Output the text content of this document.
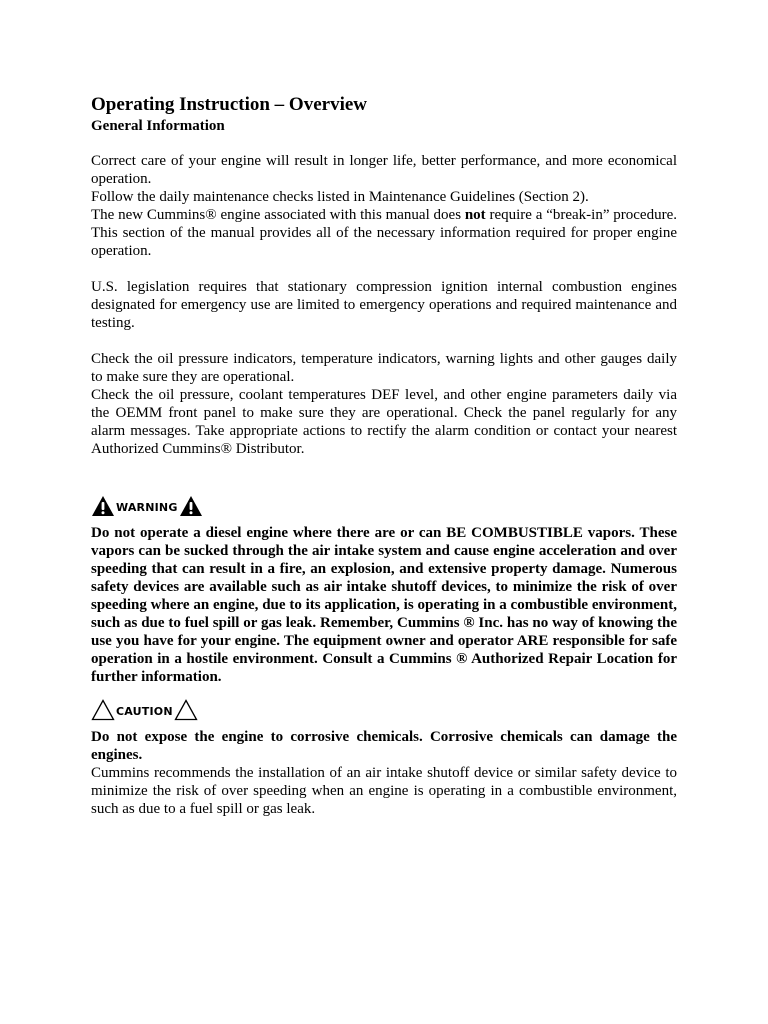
Operating Instruction – Overview
General Information

Correct care of your engine will result in longer life, better performance, and more economical operation.

Follow the daily maintenance checks listed in Maintenance Guidelines (Section 2).

The new Cummins® engine associated with this manual does not require a “break-in” procedure. This section of the manual provides all of the necessary information required for proper engine operation.

U.S. legislation requires that stationary compression ignition internal combustion engines designated for emergency use are limited to emergency operations and required maintenance and testing.

Check the oil pressure indicators, temperature indicators, warning lights and other gauges daily to make sure they are operational.

Check the oil pressure, coolant temperatures DEF level, and other engine parameters daily via the OEMM front panel to make sure they are operational. Check the panel regularly for any alarm messages. Take appropriate actions to rectify the alarm condition or contact your nearest Authorized Cummins® Distributor.

WARNING

Do not operate a diesel engine where there are or can BE COMBUSTIBLE vapors. These vapors can be sucked through the air intake system and cause engine acceleration and over speeding that can result in a fire, an explosion, and extensive property damage. Numerous safety devices are available such as air intake shutoff devices, to minimize the risk of over speeding where an engine, due to its application, is operating in a combustible environment, such as due to fuel spill or gas leak. Remember, Cummins ® Inc. has no way of knowing the use you have for your engine. The equipment owner and operator ARE responsible for safe operation in a hostile environment. Consult a Cummins ® Authorized Repair Location for further information.

CAUTION

Do not expose the engine to corrosive chemicals. Corrosive chemicals can damage the engines.

Cummins recommends the installation of an air intake shutoff device or similar safety device to minimize the risk of over speeding when an engine is operating in a combustible environment, such as due to a fuel spill or gas leak.
